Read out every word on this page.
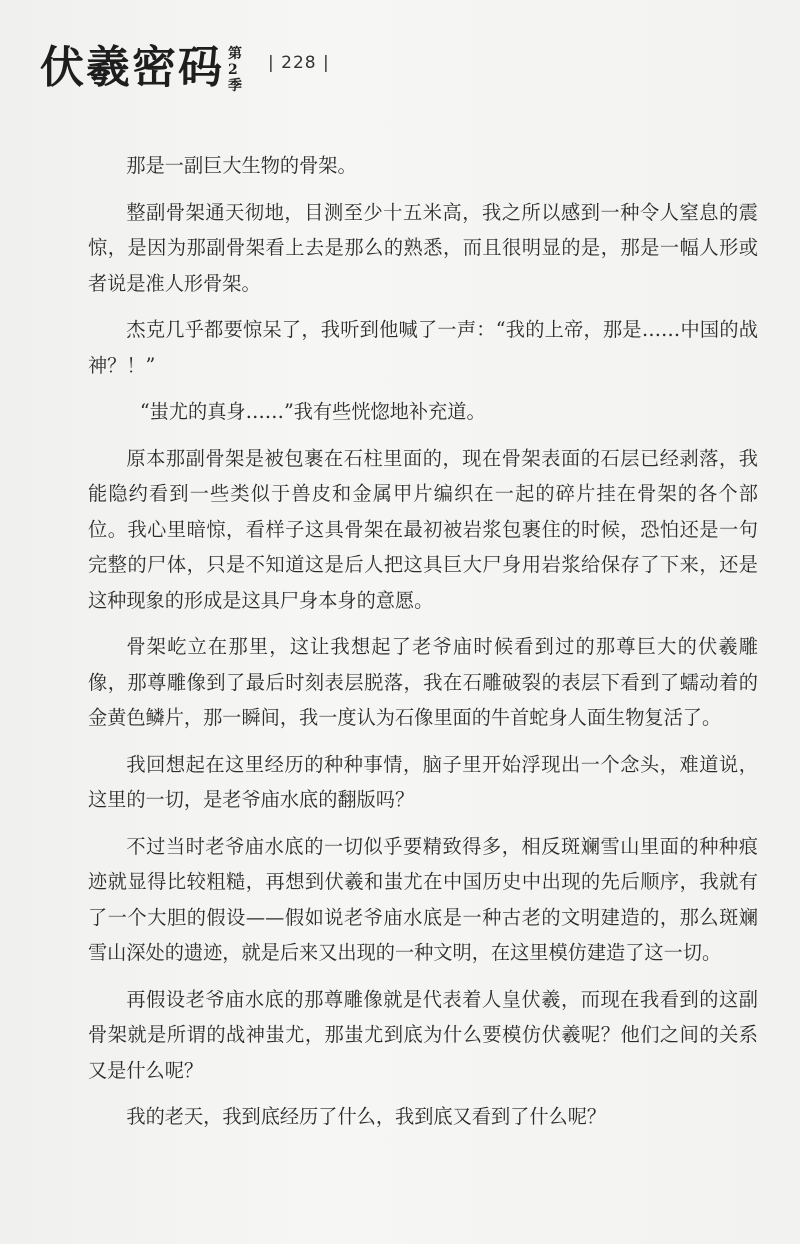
伏羲密码 第
2
季
| 228 |

那是一副巨大生物的骨架。

整副骨架通天彻地，目测至少十五米高，我之所以感到一种令人窒息的震惊，是因为那副骨架看上去是那么的熟悉，而且很明显的是，那是一幅人形或者说是准人形骨架。

杰克几乎都要惊呆了，我听到他喊了一声：“我的上帝，那是……中国的战神？！”

“蚩尤的真身……”我有些恍惚地补充道。

原本那副骨架是被包裹在石柱里面的，现在骨架表面的石层已经剥落，我能隐约看到一些类似于兽皮和金属甲片编织在一起的碎片挂在骨架的各个部位。我心里暗惊，看样子这具骨架在最初被岩浆包裹住的时候，恐怕还是一句完整的尸体，只是不知道这是后人把这具巨大尸身用岩浆给保存了下来，还是这种现象的形成是这具尸身本身的意愿。

骨架屹立在那里，这让我想起了老爷庙时候看到过的那尊巨大的伏羲雕像，那尊雕像到了最后时刻表层脱落，我在石雕破裂的表层下看到了蠕动着的金黄色鳞片，那一瞬间，我一度认为石像里面的牛首蛇身人面生物复活了。

我回想起在这里经历的种种事情，脑子里开始浮现出一个念头，难道说，这里的一切，是老爷庙水底的翻版吗？

不过当时老爷庙水底的一切似乎要精致得多，相反斑斓雪山里面的种种痕迹就显得比较粗糙，再想到伏羲和蚩尤在中国历史中出现的先后顺序，我就有了一个大胆的假设——假如说老爷庙水底是一种古老的文明建造的，那么斑斓雪山深处的遗迹，就是后来又出现的一种文明，在这里模仿建造了这一切。

再假设老爷庙水底的那尊雕像就是代表着人皇伏羲，而现在我看到的这副骨架就是所谓的战神蚩尤，那蚩尤到底为什么要模仿伏羲呢？他们之间的关系又是什么呢？

我的老天，我到底经历了什么，我到底又看到了什么呢？
